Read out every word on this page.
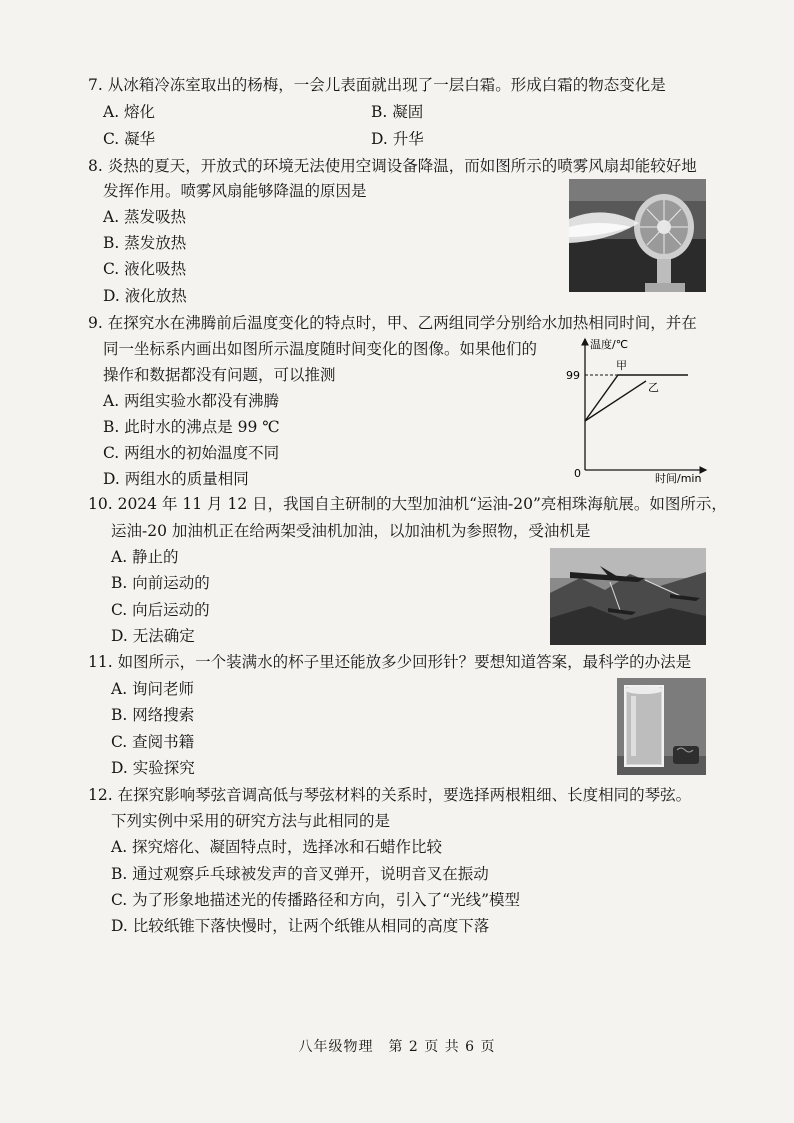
7. 从冰箱冷冻室取出的杨梅，一会儿表面就出现了一层白霜。形成白霜的物态变化是
A. 熔化	B. 凝固
C. 凝华	D. 升华
8. 炎热的夏天，开放式的环境无法使用空调设备降温，而如图所示的喷雾风扇却能较好地
发挥作用。喷雾风扇能够降温的原因是
A. 蒸发吸热
B. 蒸发放热
C. 液化吸热
D. 液化放热
9. 在探究水在沸腾前后温度变化的特点时，甲、乙两组同学分别给水加热相同时间，并在
同一坐标系内画出如图所示温度随时间变化的图像。如果他们的
操作和数据都没有问题，可以推测
A. 两组实验水都没有沸腾
B. 此时水的沸点是 99 ℃
C. 两组水的初始温度不同
D. 两组水的质量相同
温度/℃
时间/min
0
99
甲
乙
10. 2024 年 11 月 12 日，我国自主研制的大型加油机“运油-20”亮相珠海航展。如图所示，
运油-20 加油机正在给两架受油机加油，以加油机为参照物，受油机是
A. 静止的
B. 向前运动的
C. 向后运动的
D. 无法确定
11. 如图所示，一个装满水的杯子里还能放多少回形针？要想知道答案，最科学的办法是
A. 询问老师
B. 网络搜索
C. 查阅书籍
D. 实验探究
12. 在探究影响琴弦音调高低与琴弦材料的关系时，要选择两根粗细、长度相同的琴弦。
下列实例中采用的研究方法与此相同的是
A. 探究熔化、凝固特点时，选择冰和石蜡作比较
B. 通过观察乒乓球被发声的音叉弹开，说明音叉在振动
C. 为了形象地描述光的传播路径和方向，引入了“光线”模型
D. 比较纸锥下落快慢时，让两个纸锥从相同的高度下落
八年级物理　第 2 页 共 6 页
